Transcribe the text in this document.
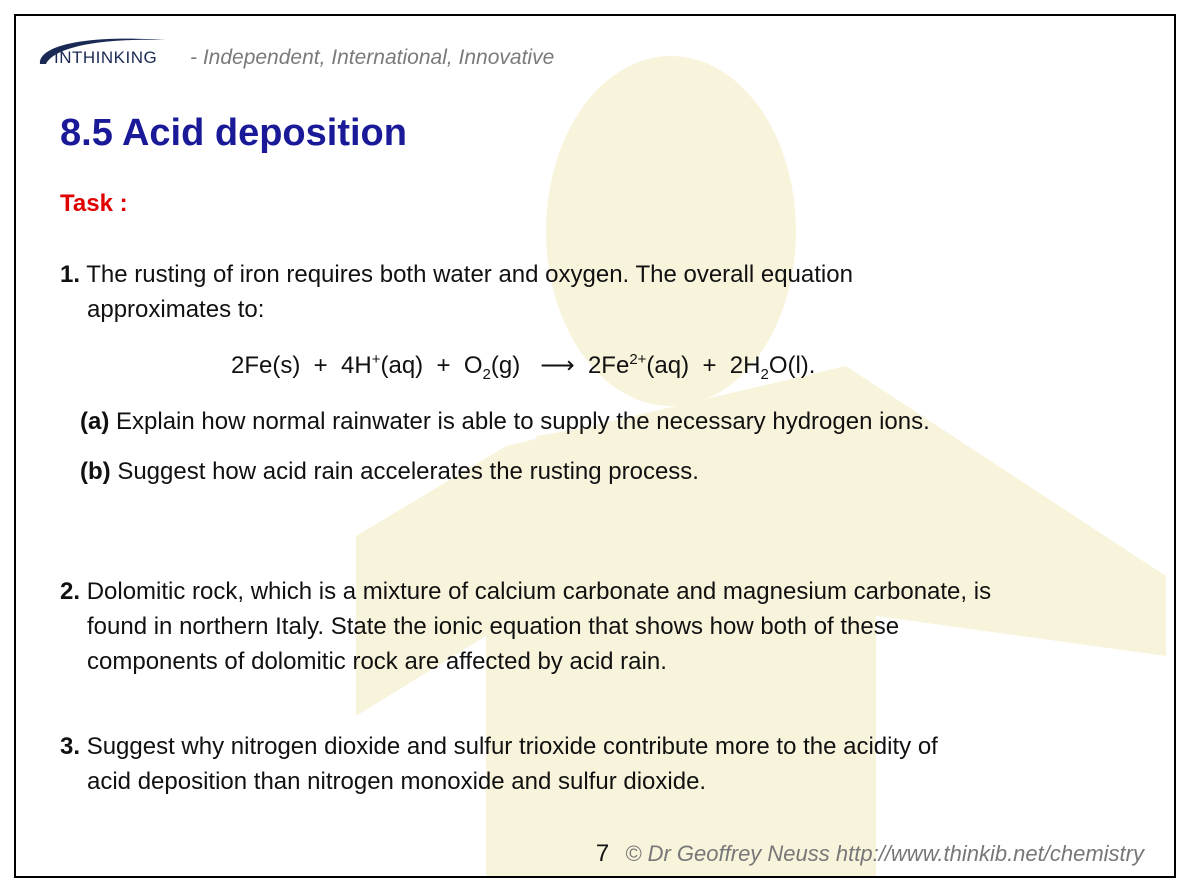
INTHINKING - Independent, International, Innovative
8.5 Acid deposition
Task :
1. The rusting of iron requires both water and oxygen. The overall equation
approximates to:
$2Fe(s) + 4H^+(aq) + O_2(g)$   ⟶  $2Fe^{2+}(aq) + 2H_2O(l)$.
(a) Explain how normal rainwater is able to supply the necessary hydrogen ions.
(b) Suggest how acid rain accelerates the rusting process.
2. Dolomitic rock, which is a mixture of calcium carbonate and magnesium carbonate, is
found in northern Italy. State the ionic equation that shows how both of these
components of dolomitic rock are affected by acid rain.
3. Suggest why nitrogen dioxide and sulfur trioxide contribute more to the acidity of
acid deposition than nitrogen monoxide and sulfur dioxide.
7 © Dr Geoffrey Neuss http://www.thinkib.net/chemistry
